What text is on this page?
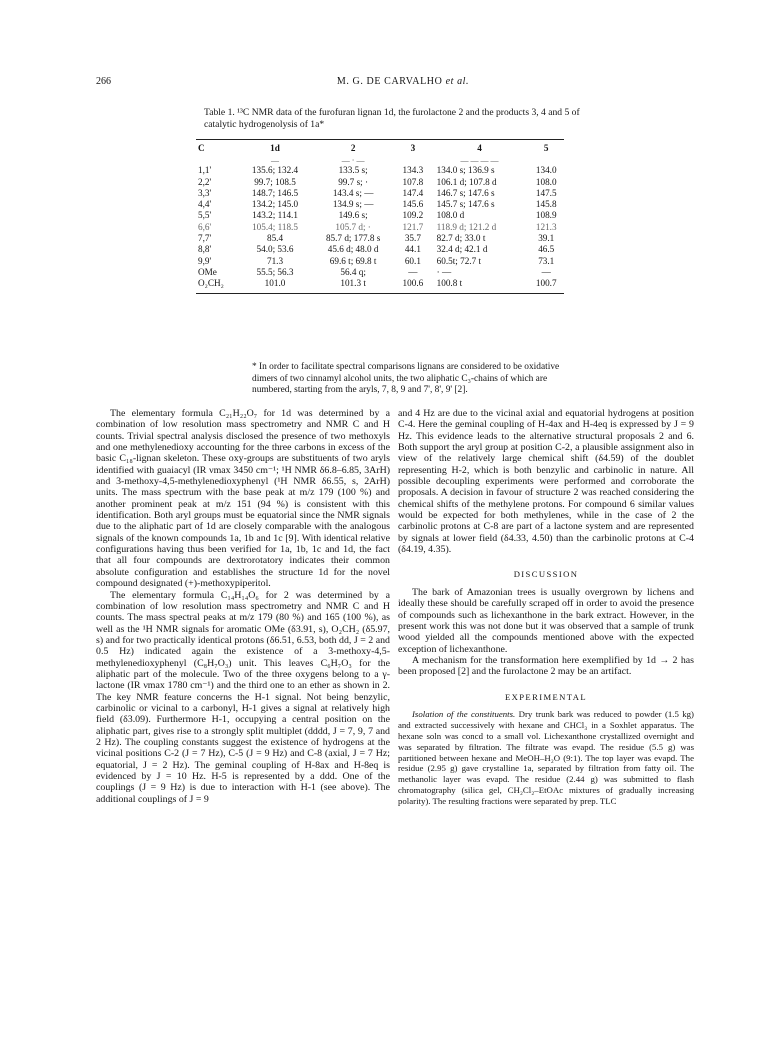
266	M. G. DE CARVALHO et al.

Table 1. ¹³C NMR data of the furofuran lignan 1d, the furolactone 2 and the products 3, 4 and 5 of catalytic hydrogenolysis of 1a*

C	1d	2	3	4	5
	—	— · —		— — — —	
1,1'	135.6; 132.4	133.5 s;	134.3	134.0 s; 136.9 s	134.0
2,2'	99.7; 108.5	99.7 s; ·	107.8	106.1 d; 107.8 d	108.0
3,3'	148.7; 146.5	143.4 s; —	147.4	146.7 s; 147.6 s	147.5
4,4'	134.2; 145.0	134.9 s; —	145.6	145.7 s; 147.6 s	145.8
5,5'	143.2; 114.1	149.6 s;	109.2	108.0 d	108.9
6,6'	105.4; 118.5	105.7 d; ·	121.7	118.9 d; 121.2 d	121.3
7,7'	85.4	85.7 d; 177.8 s	35.7	82.7 d; 33.0 t	39.1
8,8'	54.0; 53.6	45.6 d; 48.0 d	44.1	32.4 d; 42.1 d	46.5
9,9'	71.3	69.6 t; 69.8 t	60.1	60.5t; 72.7 t	73.1
OMe	55.5; 56.3	56.4 q;	—	· —	—
O₂CH₂	101.0	101.3 t	100.6	100.8 t	100.7

* In order to facilitate spectral comparisons lignans are considered to be oxidative dimers of two cinnamyl alcohol units, the two aliphatic C₃-chains of which are numbered, starting from the aryls, 7, 8, 9 and 7', 8', 9' [2].

The elementary formula C₂₁H₂₂O₇ for 1d was determined by a combination of low resolution mass spectrometry and NMR C and H counts. Trivial spectral analysis disclosed the presence of two methoxyls and one methylenedioxy accounting for the three carbons in excess of the basic C₁₈-lignan skeleton. These oxy-groups are substituents of two aryls identified with guaiacyl (IR νmax 3450 cm⁻¹; ¹H NMR δ6.8–6.85, 3ArH) and 3-methoxy-4,5-methylenedioxyphenyl (¹H NMR δ6.55, s, 2ArH) units. The mass spectrum with the base peak at m/z 179 (100 %) and another prominent peak at m/z 151 (94 %) is consistent with this identification. Both aryl groups must be equatorial since the NMR signals due to the aliphatic part of 1d are closely comparable with the analogous signals of the known compounds 1a, 1b and 1c [9]. With identical relative configurations having thus been verified for 1a, 1b, 1c and 1d, the fact that all four compounds are dextrorotatory indicates their common absolute configuration and establishes the structure 1d for the novel compound designated (+)-methoxypiperitol.

The elementary formula C₁₄H₁₄O₆ for 2 was determined by a combination of low resolution mass spectrometry and NMR C and H counts. The mass spectral peaks at m/z 179 (80 %) and 165 (100 %), as well as the ¹H NMR signals for aromatic OMe (δ3.91, s), O₂CH₂ (δ5.97, s) and for two practically identical protons (δ6.51, 6.53, both dd, J = 2 and 0.5 Hz) indicated again the existence of a 3-methoxy-4,5-methylenedioxyphenyl (C₈H₇O₃) unit. This leaves C₆H₇O₃ for the aliphatic part of the molecule. Two of the three oxygens belong to a γ-lactone (IR νmax 1780 cm⁻¹) and the third one to an ether as shown in 2. The key NMR feature concerns the H-1 signal. Not being benzylic, carbinolic or vicinal to a carbonyl, H-1 gives a signal at relatively high field (δ3.09). Furthermore H-1, occupying a central position on the aliphatic part, gives rise to a strongly split multiplet (dddd, J = 7, 9, 7 and 2 Hz). The coupling constants suggest the existence of hydrogens at the vicinal positions C-2 (J = 7 Hz), C-5 (J = 9 Hz) and C-8 (axial, J = 7 Hz; equatorial, J = 2 Hz). The geminal coupling of H-8ax and H-8eq is evidenced by J = 10 Hz. H-5 is represented by a ddd. One of the couplings (J = 9 Hz) is due to interaction with H-1 (see above). The additional couplings of J = 9

and 4 Hz are due to the vicinal axial and equatorial hydrogens at position C-4. Here the geminal coupling of H-4ax and H-4eq is expressed by J = 9 Hz. This evidence leads to the alternative structural proposals 2 and 6. Both support the aryl group at position C-2, a plausible assignment also in view of the relatively large chemical shift (δ4.59) of the doublet representing H-2, which is both benzylic and carbinolic in nature. All possible decoupling experiments were performed and corroborate the proposals. A decision in favour of structure 2 was reached considering the chemical shifts of the methylene protons. For compound 6 similar values would be expected for both methylenes, while in the case of 2 the carbinolic protons at C-8 are part of a lactone system and are represented by signals at lower field (δ4.33, 4.50) than the carbinolic protons at C-4 (δ4.19, 4.35).

DISCUSSION

The bark of Amazonian trees is usually overgrown by lichens and ideally these should be carefully scraped off in order to avoid the presence of compounds such as lichexanthone in the bark extract. However, in the present work this was not done but it was observed that a sample of trunk wood yielded all the compounds mentioned above with the expected exception of lichexanthone.

A mechanism for the transformation here exemplified by 1d → 2 has been proposed [2] and the furolactone 2 may be an artifact.

EXPERIMENTAL

Isolation of the constituents. Dry trunk bark was reduced to powder (1.5 kg) and extracted successively with hexane and CHCl₃ in a Soxhlet apparatus. The hexane soln was concd to a small vol. Lichexanthone crystallized overnight and was separated by filtration. The filtrate was evapd. The residue (5.5 g) was partitioned between hexane and MeOH–H₂O (9:1). The top layer was evapd. The residue (2.95 g) gave crystalline 1a, separated by filtration from fatty oil. The methanolic layer was evapd. The residue (2.44 g) was submitted to flash chromatography (silica gel, CH₂Cl₂–EtOAc mixtures of gradually increasing polarity). The resulting fractions were separated by prep. TLC
